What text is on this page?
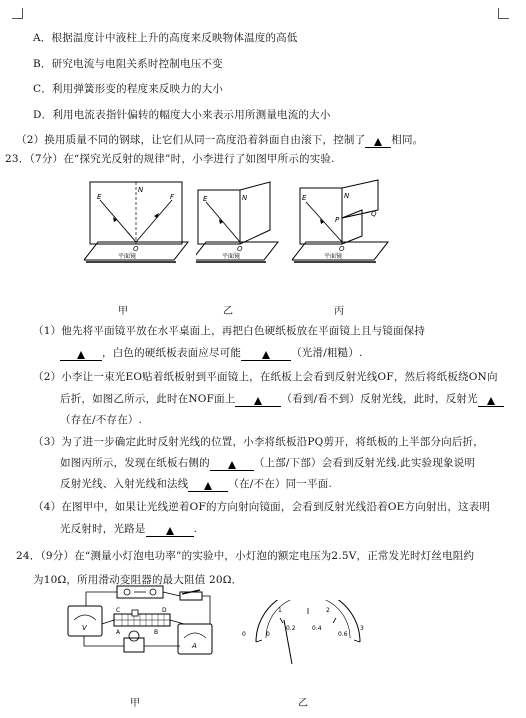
A．根据温度计中液柱上升的高度来反映物体温度的高低
B．研究电流与电阻关系时控制电压不变
C．利用弹簧形变的程度来反映力的大小
D．利用电流表指针偏转的幅度大小来表示用所测量电流的大小
（2）换用质量不同的钢球，让它们从同一高度沿着斜面自由滚下，控制了 相同。
23．（7分）在“探究光反射的规律”时，小李进行了如图甲所示的实验.
E
N
F
O
平面镜
E	N
O
平面镜
E	N
P
Q
O
平面镜
甲	乙	丙
（1）他先将平面镜平放在水平桌面上，再把白色硬纸板放在平面镜上且与镜面保持
，白色的硬纸板表面应尽可能	（光滑/粗糙）.
（2）小李让一束光EO贴着纸板射到平面镜上，在纸板上会看到反射光线OF，然后将纸板绕ON向
后折，如图乙所示，此时在NOF面上	（看到/看不到）反射光线，此时，反射光
（存在/不存在）.
（3）为了进一步确定此时反射光线的位置，小李将纸板沿PQ剪开，将纸板的上半部分向后折，
如图丙所示，发现在纸板右侧的	（上部/下部）会看到反射光线.此实验现象说明
反射光线、入射光线和法线	（在/不在）同一平面.
（4）在图甲中，如果让光线逆着OF的方向射向镜面，会看到反射光线沿着OE方向射出，这表明
光反射时，光路是	.
24．（9分）在“测量小灯泡电功率”的实验中，小灯泡的额定电压为2.5V，正常发光时灯丝电阻约
为10Ω，所用滑动变阻器的最大阻值 20Ω．
V
A
C	D
B
A
1	2
0
3
0
0.2	0.4
0.6
甲	乙
